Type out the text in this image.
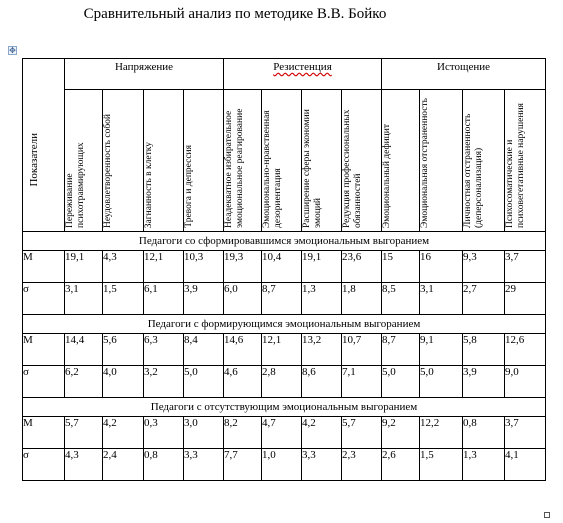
Сравнительный анализ по методике В.В. Бойко
✥
Показатели	Напряжение				Резистенция				Истощение			

	Переживание психотравмирующих	Неудовлетворенность собой	Загнанность в клетку	Тревога и депрессия	Неадекватное избирательное эмоциональное реагирование	Эмоционально-нравственная дезориентация	Расширение сферы экономии эмоций	Редукция профессиональных обязанностей	Эмоциональный дефицит	Эмоциональная отстраненность	Личностная отстраненность (деперсонализация)	Психосоматические и психовегетативные нарушения

Педагоги со сформировавшимся эмоциональным выгоранием												
М	19,1	4,3	12,1	10,3	19,3	10,4	19,1	23,6	15	16	9,3	3,7
σ	3,1	1,5	6,1	3,9	6,0	8,7	1,3	1,8	8,5	3,1	2,7	29
Педагоги с формирующимся эмоциональным выгоранием												
М	14,4	5,6	6,3	8,4	14,6	12,1	13,2	10,7	8,7	9,1	5,8	12,6
σ	6,2	4,0	3,2	5,0	4,6	2,8	8,6	7,1	5,0	5,0	3,9	9,0
Педагоги с отсутствующим эмоциональным выгоранием												
М	5,7	4,2	0,3	3,0	8,2	4,7	4,2	5,7	9,2	12,2	0,8	3,7
σ	4,3	2,4	0,8	3,3	7,7	1,0	3,3	2,3	2,6	1,5	1,3	4,1
